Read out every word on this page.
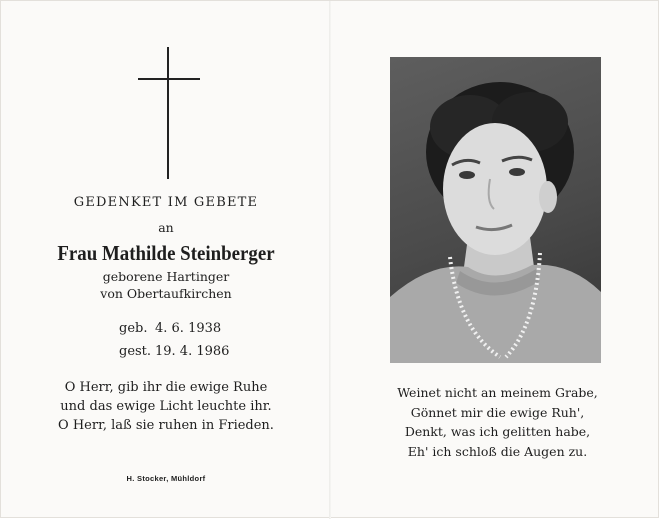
GEDENKET IM GEBETE
an
Frau Mathilde Steinberger
geborene Hartinger
von Obertaufkirchen
geb. 4. 6. 1938
gest. 19. 4. 1986
O Herr, gib ihr die ewige Ruhe
und das ewige Licht leuchte ihr.
O Herr, laß sie ruhen in Frieden.
H. Stocker, Mühldorf
Weinet nicht an meinem Grabe,
Gönnet mir die ewige Ruh',
Denkt, was ich gelitten habe,
Eh' ich schloß die Augen zu.
